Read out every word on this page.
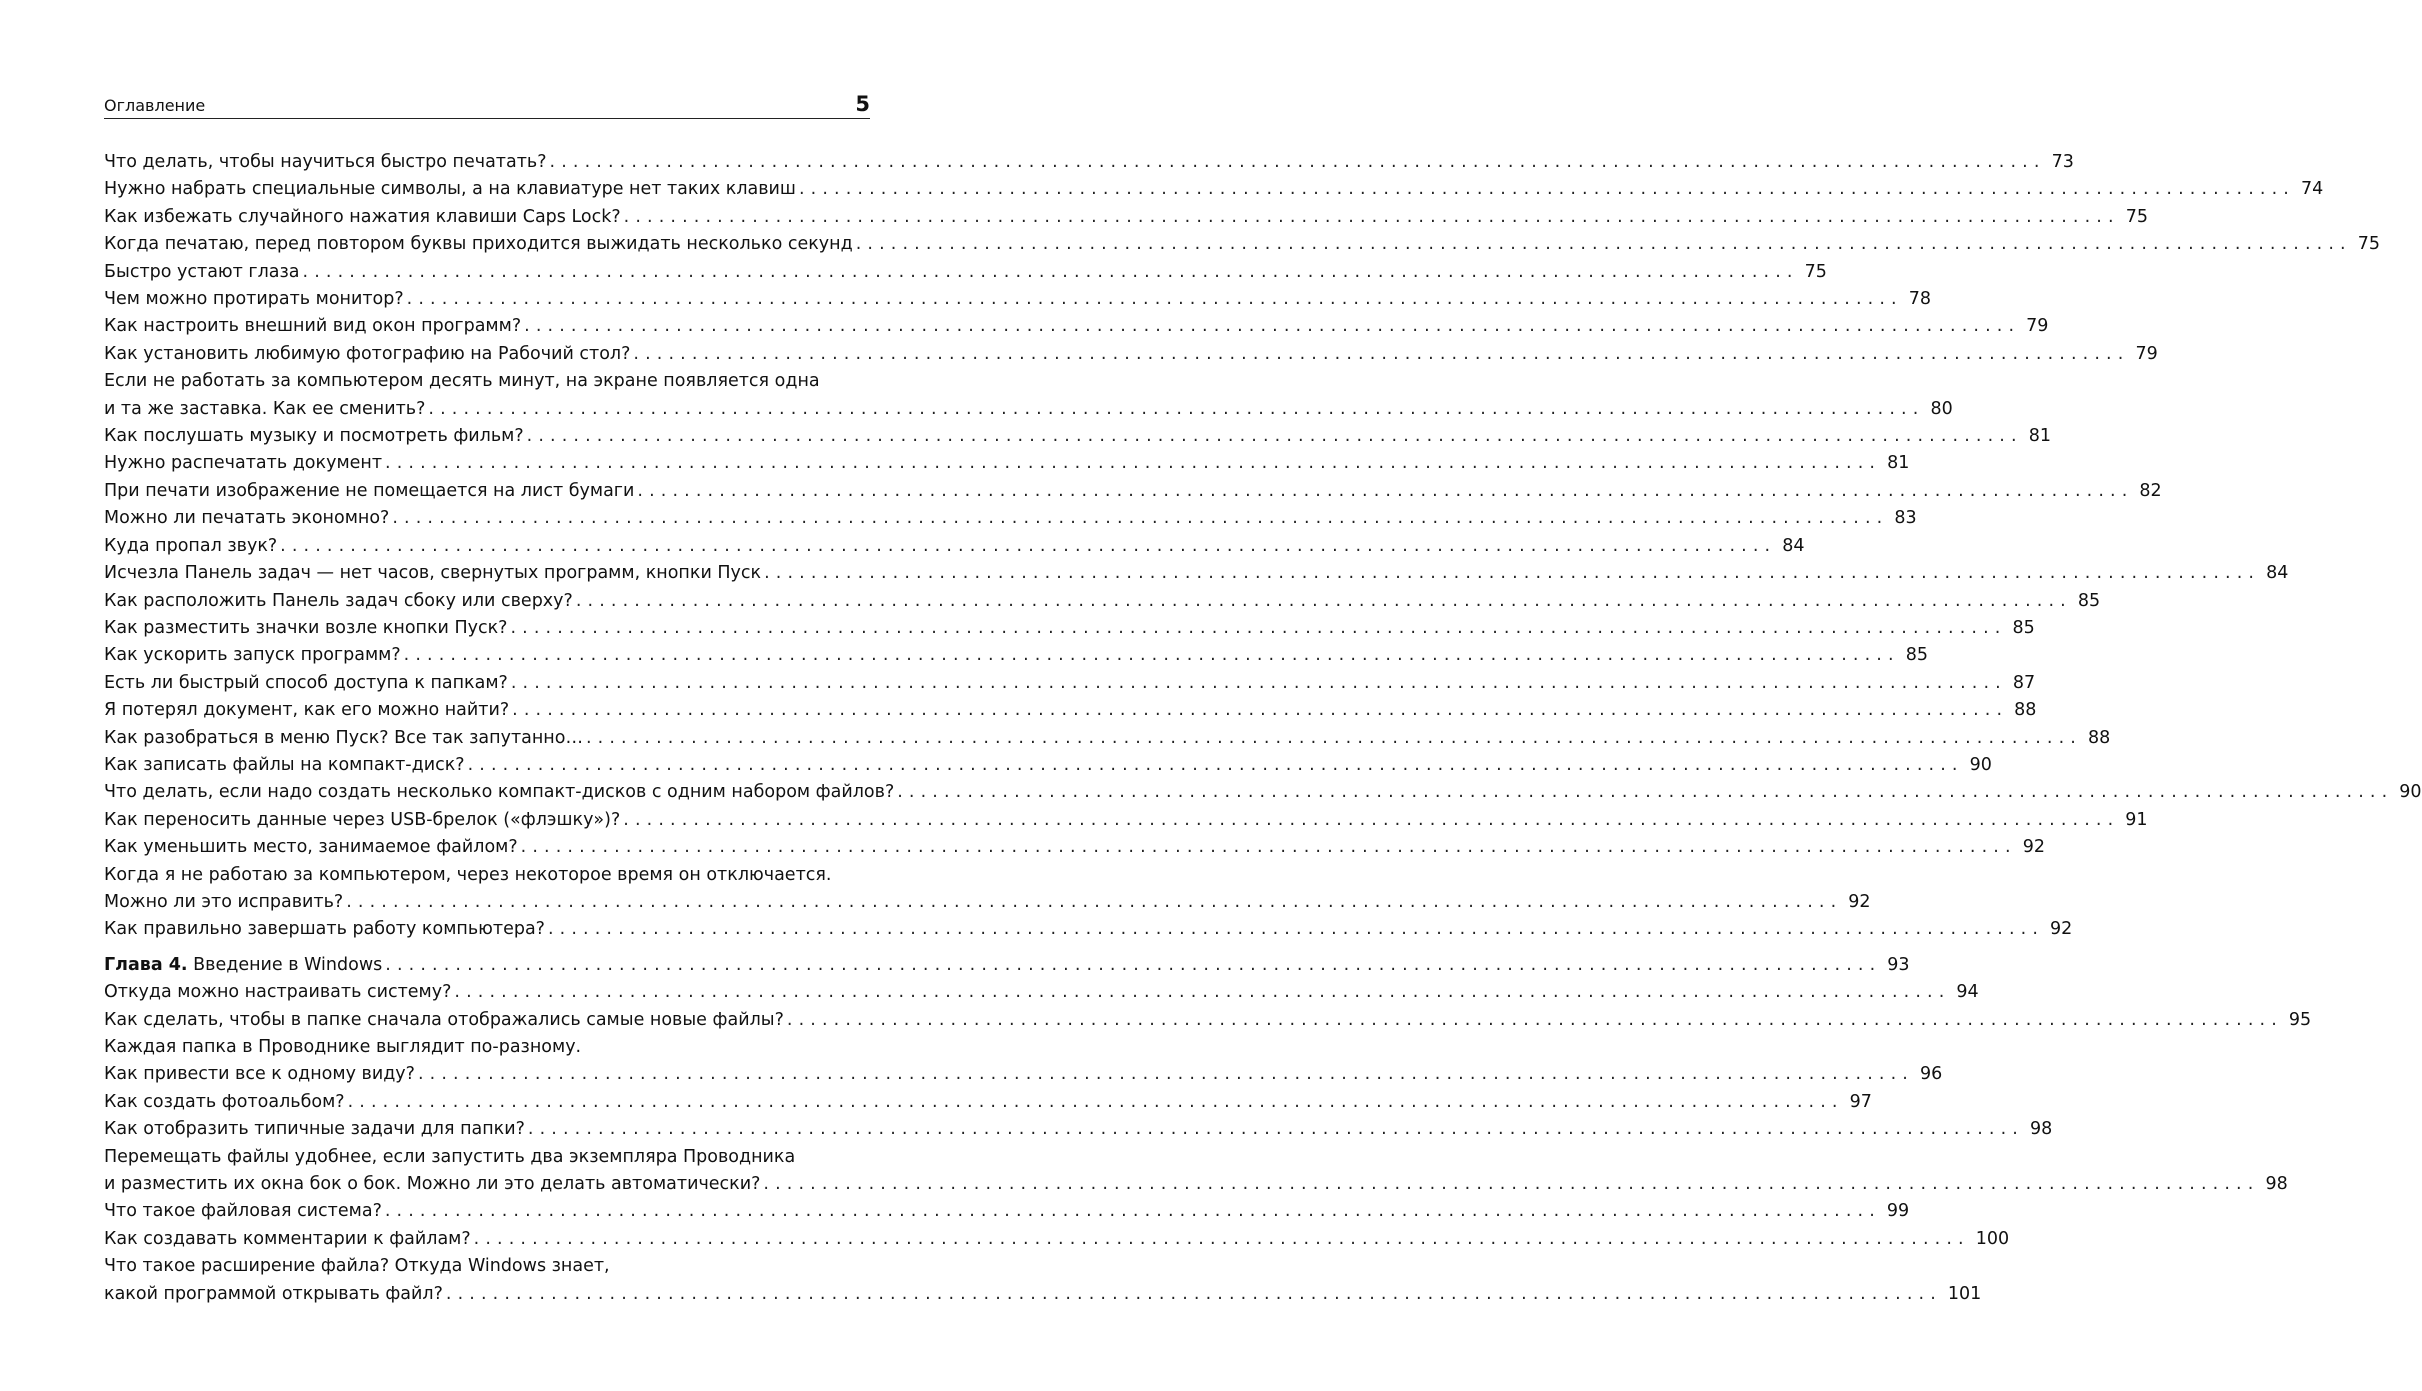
Оглавление	5
Что делать, чтобы научиться быстро печатать? .....	73
Нужно набрать специальные символы, а на клавиатуре нет таких клавиш .....	74
Как избежать случайного нажатия клавиши Caps Lock? .....	75
Когда печатаю, перед повтором буквы приходится выжидать несколько секунд .....	75
Быстро устают глаза .....	75
Чем можно протирать монитор? .....	78
Как настроить внешний вид окон программ? .....	79
Как установить любимую фотографию на Рабочий стол? .....	79
Если не работать за компьютером десять минут, на экране появляется одна
и та же заставка. Как ее сменить? .....	80
Как послушать музыку и посмотреть фильм? .....	81
Нужно распечатать документ .....	81
При печати изображение не помещается на лист бумаги .....	82
Можно ли печатать экономно? .....	83
Куда пропал звук? .....	84
Исчезла Панель задач — нет часов, свернутых программ, кнопки Пуск .....	84
Как расположить Панель задач сбоку или сверху? .....	85
Как разместить значки возле кнопки Пуск? .....	85
Как ускорить запуск программ? .....	85
Есть ли быстрый способ доступа к папкам? .....	87
Я потерял документ, как его можно найти? .....	88
Как разобраться в меню Пуск? Все так запутанно… .....	88
Как записать файлы на компакт-диск? .....	90
Что делать, если надо создать несколько компакт-дисков с одним набором файлов? .....	90
Как переносить данные через USB-брелок («флэшку»)? .....	91
Как уменьшить место, занимаемое файлом? .....	92
Когда я не работаю за компьютером, через некоторое время он отключается.
Можно ли это исправить? .....	92
Как правильно завершать работу компьютера? .....	92
Глава 4. Введение в Windows .....	93
Откуда можно настраивать систему? .....	94
Как сделать, чтобы в папке сначала отображались самые новые файлы? .....	95
Каждая папка в Проводнике выглядит по-разному.
Как привести все к одному виду? .....	96
Как создать фотоальбом? .....	97
Как отобразить типичные задачи для папки? .....	98
Перемещать файлы удобнее, если запустить два экземпляра Проводника
и разместить их окна бок о бок. Можно ли это делать автоматически? .....	98
Что такое файловая система? .....	99
Как создавать комментарии к файлам? .....	100
Что такое расширение файла? Откуда Windows знает,
какой программой открывать файл? .....	101
